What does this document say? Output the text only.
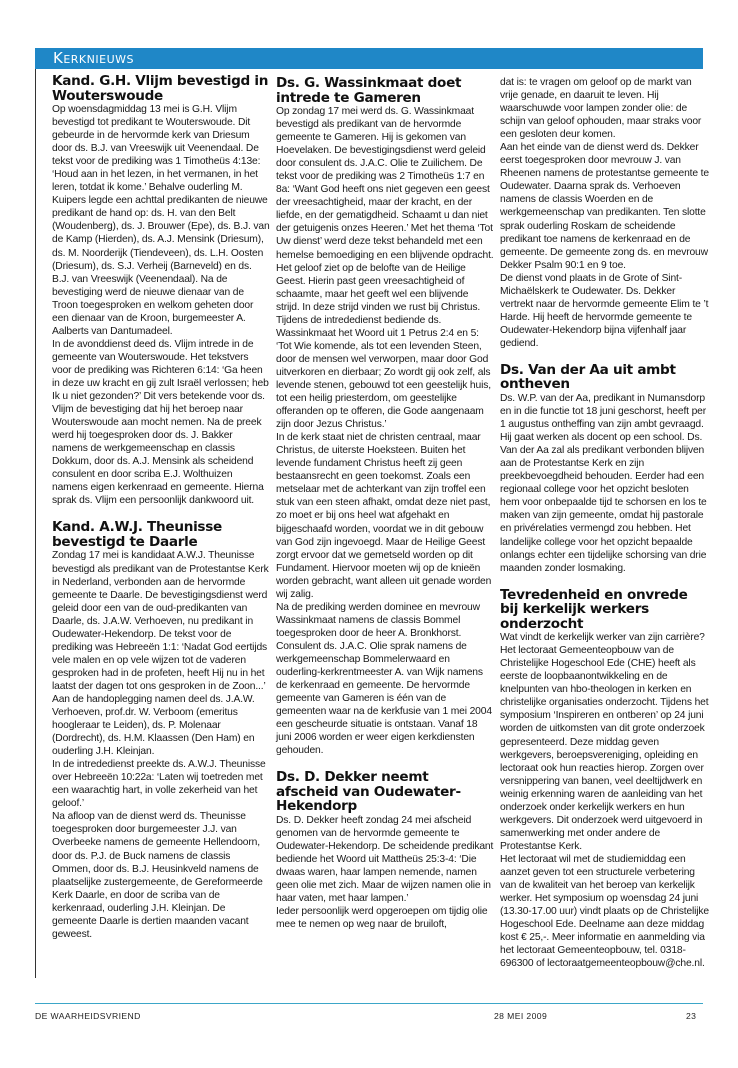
Kerknieuws
Kand. G.H. Vlijm bevestigd in Wouterswoude

Op woensdagmiddag 13 mei is G.H. Vlijm bevestigd tot predikant te Wouterswoude. Dit gebeurde in de hervormde kerk van Driesum door ds. B.J. van Vreeswijk uit Veenendaal. De tekst voor de prediking was 1 Timotheüs 4:13e: ‘Houd aan in het lezen, in het vermanen, in het leren, totdat ik kome.’ Behalve ouderling M. Kuipers legde een achttal predikanten de nieuwe predikant de hand op: ds. H. van den Belt (Woudenberg), ds. J. Brouwer (Epe), ds. B.J. van de Kamp (Hierden), ds. A.J. Mensink (Driesum), ds. M. Noorderijk (Tiendeveen), ds. L.H. Oosten (Driesum), ds. S.J. Verheij (Barneveld) en ds. B.J. van Vreeswijk (Veenendaal). Na de bevestiging werd de nieuwe dienaar van de Troon toegesproken en welkom geheten door een dienaar van de Kroon, burgemeester A. Aalberts van Dantumadeel.

In de avonddienst deed ds. Vlijm intrede in de gemeente van Wouterswoude. Het tekstvers voor de prediking was Richteren 6:14: ‘Ga heen in deze uw kracht en gij zult Israël verlossen; heb Ik u niet gezonden?’ Dit vers betekende voor ds. Vlijm de bevestiging dat hij het beroep naar Wouterswoude aan mocht nemen. Na de preek werd hij toegesproken door ds. J. Bakker namens de werkgemeenschap en classis Dokkum, door ds. A.J. Mensink als scheidend consulent en door scriba E.J. Wolthuizen namens eigen kerkenraad en gemeente. Hierna sprak ds. Vlijm een persoonlijk dankwoord uit.

Kand. A.W.J. Theunisse bevestigd te Daarle

Zondag 17 mei is kandidaat A.W.J. Theunisse bevestigd als predikant van de Protestantse Kerk in Nederland, verbonden aan de hervormde gemeente te Daarle. De bevestigingsdienst werd geleid door een van de oud-predikanten van Daarle, ds. J.A.W. Verhoeven, nu predikant in Oudewater-Hekendorp. De tekst voor de prediking was Hebreeën 1:1: ‘Nadat God eertijds vele malen en op vele wijzen tot de vaderen gesproken had in de profeten, heeft Hij nu in het laatst der dagen tot ons gesproken in de Zoon...’

Aan de handoplegging namen deel ds. J.A.W. Verhoeven, prof.dr. W. Verboom (emeritus hoogleraar te Leiden), ds. P. Molenaar (Dordrecht), ds. H.M. Klaassen (Den Ham) en ouderling J.H. Kleinjan.

In de intrededienst preekte ds. A.W.J. Theunisse over Hebreeën 10:22a: ‘Laten wij toetreden met een waarachtig hart, in volle zekerheid van het geloof.’

Na afloop van de dienst werd ds. Theunisse toegesproken door burgemeester J.J. van Overbeeke namens de gemeente Hellendoorn, door ds. P.J. de Buck namens de classis Ommen, door ds. B.J. Heusinkveld namens de plaatselijke zustergemeente, de Gereformeerde Kerk Daarle, en door de scriba van de kerkenraad, ouderling J.H. Kleinjan. De gemeente Daarle is dertien maanden vacant geweest.

Ds. G. Wassinkmaat doet intrede te Gameren

Op zondag 17 mei werd ds. G. Wassinkmaat bevestigd als predikant van de hervormde gemeente te Gameren. Hij is gekomen van Hoevelaken. De bevestigingsdienst werd geleid door consulent ds. J.A.C. Olie te Zuilichem. De tekst voor de prediking was 2 Timotheüs 1:7 en 8a: ‘Want God heeft ons niet gegeven een geest der vreesachtigheid, maar der kracht, en der liefde, en der gematigdheid. Schaamt u dan niet der getuigenis onzes Heeren.’ Met het thema ‘Tot Uw dienst’ werd deze tekst behandeld met een hemelse bemoediging en een blijvende opdracht. Het geloof ziet op de belofte van de Heilige Geest. Hierin past geen vreesachtigheid of schaamte, maar het geeft wel een blijvende strijd. In deze strijd vinden we rust bij Christus.

Tijdens de intrededienst bediende ds. Wassinkmaat het Woord uit 1 Petrus 2:4 en 5: ‘Tot Wie komende, als tot een levenden Steen, door de mensen wel verworpen, maar door God uitverkoren en dierbaar; Zo wordt gij ook zelf, als levende stenen, gebouwd tot een geestelijk huis, tot een heilig priesterdom, om geestelijke offeranden op te offeren, die Gode aangenaam zijn door Jezus Christus.’

In de kerk staat niet de christen centraal, maar Christus, de uiterste Hoeksteen. Buiten het levende fundament Christus heeft zij geen bestaansrecht en geen toekomst. Zoals een metselaar met de achterkant van zijn troffel een stuk van een steen afhakt, omdat deze niet past, zo moet er bij ons heel wat afgehakt en bijgeschaafd worden, voordat we in dit gebouw van God zijn ingevoegd. Maar de Heilige Geest zorgt ervoor dat we gemetseld worden op dit Fundament. Hiervoor moeten wij op de knieën worden gebracht, want alleen uit genade worden wij zalig.

Na de prediking werden dominee en mevrouw Wassinkmaat namens de classis Bommel toegesproken door de heer A. Bronkhorst. Consulent ds. J.A.C. Olie sprak namens de werkgemeenschap Bommelerwaard en ouderling-kerkrentmeester A. van Wijk namens de kerkenraad en gemeente. De hervormde gemeente van Gameren is één van de gemeenten waar na de kerkfusie van 1 mei 2004 een gescheurde situatie is ontstaan. Vanaf 18 juni 2006 worden er weer eigen kerkdiensten gehouden.

Ds. D. Dekker neemt afscheid van Oudewater-Hekendorp

Ds. D. Dekker heeft zondag 24 mei afscheid genomen van de hervormde gemeente te Oudewater-Hekendorp. De scheidende predikant bediende het Woord uit Mattheüs 25:3-4: ‘Die dwaas waren, haar lampen nemende, namen geen olie met zich. Maar de wijzen namen olie in haar vaten, met haar lampen.’

Ieder persoonlijk werd opgeroepen om tijdig olie mee te nemen op weg naar de bruiloft,

dat is: te vragen om geloof op de markt van vrije genade, en daaruit te leven. Hij waarschuwde voor lampen zonder olie: de schijn van geloof ophouden, maar straks voor een gesloten deur komen.

Aan het einde van de dienst werd ds. Dekker eerst toegesproken door mevrouw J. van Rheenen namens de protestantse gemeente te Oudewater. Daarna sprak ds. Verhoeven namens de classis Woerden en de werkgemeenschap van predikanten. Ten slotte sprak ouderling Roskam de scheidende predikant toe namens de kerkenraad en de gemeente. De gemeente zong ds. en mevrouw Dekker Psalm 90:1 en 9 toe.

De dienst vond plaats in de Grote of Sint-Michaëlskerk te Oudewater. Ds. Dekker vertrekt naar de hervormde gemeente Elim te ’t Harde. Hij heeft de hervormde gemeente te Oudewater-Hekendorp bijna vijfenhalf jaar gediend.

Ds. Van der Aa uit ambt ontheven

Ds. W.P. van der Aa, predikant in Numansdorp en in die functie tot 18 juni geschorst, heeft per 1 augustus ontheffing van zijn ambt gevraagd. Hij gaat werken als docent op een school. Ds. Van der Aa zal als predikant verbonden blijven aan de Protestantse Kerk en zijn preekbevoegdheid behouden. Eerder had een regionaal college voor het opzicht besloten hem voor onbepaalde tijd te schorsen en los te maken van zijn gemeente, omdat hij pastorale en privérelaties vermengd zou hebben. Het landelijke college voor het opzicht bepaalde onlangs echter een tijdelijke schorsing van drie maanden zonder losmaking.

Tevredenheid en onvrede bij kerkelijk werkers onderzocht

Wat vindt de kerkelijk werker van zijn carrière? Het lectoraat Gemeenteopbouw van de Christelijke Hogeschool Ede (CHE) heeft als eerste de loopbaanontwikkeling en de knelpunten van hbo-theologen in kerken en christelijke organisaties onderzocht. Tijdens het symposium ‘Inspireren en ontberen’ op 24 juni worden de uitkomsten van dit grote onderzoek gepresenteerd. Deze middag geven werkgevers, beroepsvereniging, opleiding en lectoraat ook hun reacties hierop. Zorgen over versnippering van banen, veel deeltijdwerk en weinig erkenning waren de aanleiding van het onderzoek onder kerkelijk werkers en hun werkgevers. Dit onderzoek werd uitgevoerd in samenwerking met onder andere de Protestantse Kerk.

Het lectoraat wil met de studiemiddag een aanzet geven tot een structurele verbetering van de kwaliteit van het beroep van kerkelijk werker. Het symposium op woensdag 24 juni (13.30-17.00 uur) vindt plaats op de Christelijke Hogeschool Ede. Deelname aan deze middag kost € 25,-. Meer informatie en aanmelding via het lectoraat Gemeenteopbouw, tel. 0318-696300 of lectoraatgemeenteopbouw@che.nl.

DE WAARHEIDSVRIEND	28 MEI 2009	23
